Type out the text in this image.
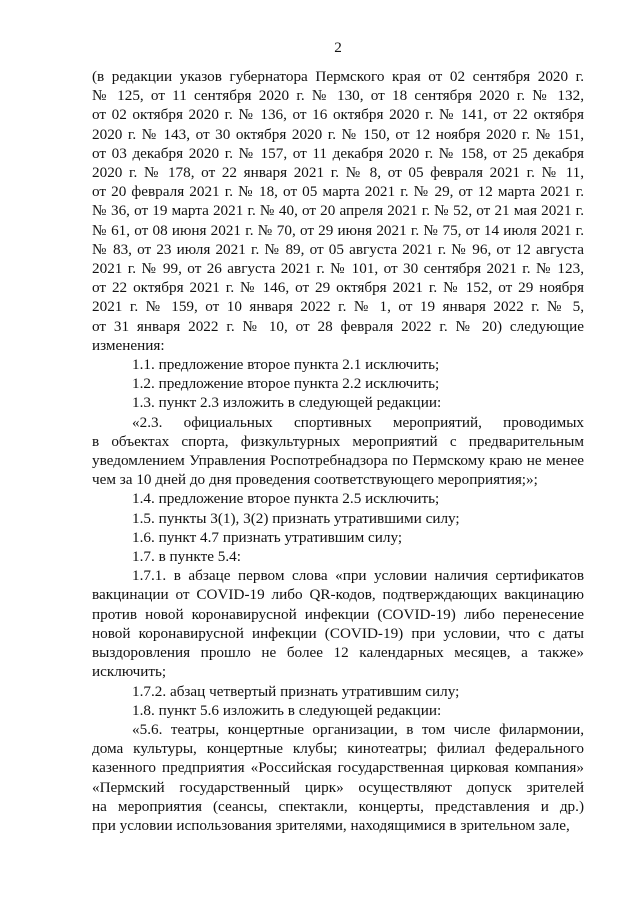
2
(в редакции указов губернатора Пермского края от 02 сентября 2020 г.
№ 125, от 11 сентября 2020 г. № 130, от 18 сентября 2020 г. № 132,
от 02 октября 2020 г. № 136, от 16 октября 2020 г. № 141, от 22 октября
2020 г. № 143, от 30 октября 2020 г. № 150, от 12 ноября 2020 г. № 151,
от 03 декабря 2020 г. № 157, от 11 декабря 2020 г. № 158, от 25 декабря
2020 г. № 178, от 22 января 2021 г. № 8, от 05 февраля 2021 г. № 11,
от 20 февраля 2021 г. № 18, от 05 марта 2021 г. № 29, от 12 марта 2021 г.
№ 36, от 19 марта 2021 г. № 40, от 20 апреля 2021 г. № 52, от 21 мая 2021 г.
№ 61, от 08 июня 2021 г. № 70, от 29 июня 2021 г. № 75, от 14 июля 2021 г.
№ 83, от 23 июля 2021 г. № 89, от 05 августа 2021 г. № 96, от 12 августа
2021 г. № 99, от 26 августа 2021 г. № 101, от 30 сентября 2021 г. № 123,
от 22 октября 2021 г. № 146, от 29 октября 2021 г. № 152, от 29 ноября
2021 г. № 159, от 10 января 2022 г. № 1, от 19 января 2022 г. № 5,
от 31 января 2022 г. № 10, от 28 февраля 2022 г. № 20) следующие
изменения:
1.1. предложение второе пункта 2.1 исключить;
1.2. предложение второе пункта 2.2 исключить;
1.3. пункт 2.3 изложить в следующей редакции:
«2.3. официальных спортивных мероприятий, проводимых
в объектах спорта, физкультурных мероприятий с предварительным
уведомлением Управления Роспотребнадзора по Пермскому краю не менее
чем за 10 дней до дня проведения соответствующего мероприятия;»;
1.4. предложение второе пункта 2.5 исключить;
1.5. пункты 3(1), 3(2) признать утратившими силу;
1.6. пункт 4.7 признать утратившим силу;
1.7. в пункте 5.4:
1.7.1. в абзаце первом слова «при условии наличия сертификатов
вакцинации от COVID-19 либо QR-кодов, подтверждающих вакцинацию
против новой коронавирусной инфекции (COVID-19) либо перенесение
новой коронавирусной инфекции (COVID-19) при условии, что с даты
выздоровления прошло не более 12 календарных месяцев, а также»
исключить;
1.7.2. абзац четвертый признать утратившим силу;
1.8. пункт 5.6 изложить в следующей редакции:
«5.6. театры, концертные организации, в том числе филармонии,
дома культуры, концертные клубы; кинотеатры; филиал федерального
казенного предприятия «Российская государственная цирковая компания»
«Пермский государственный цирк» осуществляют допуск зрителей
на мероприятия (сеансы, спектакли, концерты, представления и др.)
при условии использования зрителями, находящимися в зрительном зале,
